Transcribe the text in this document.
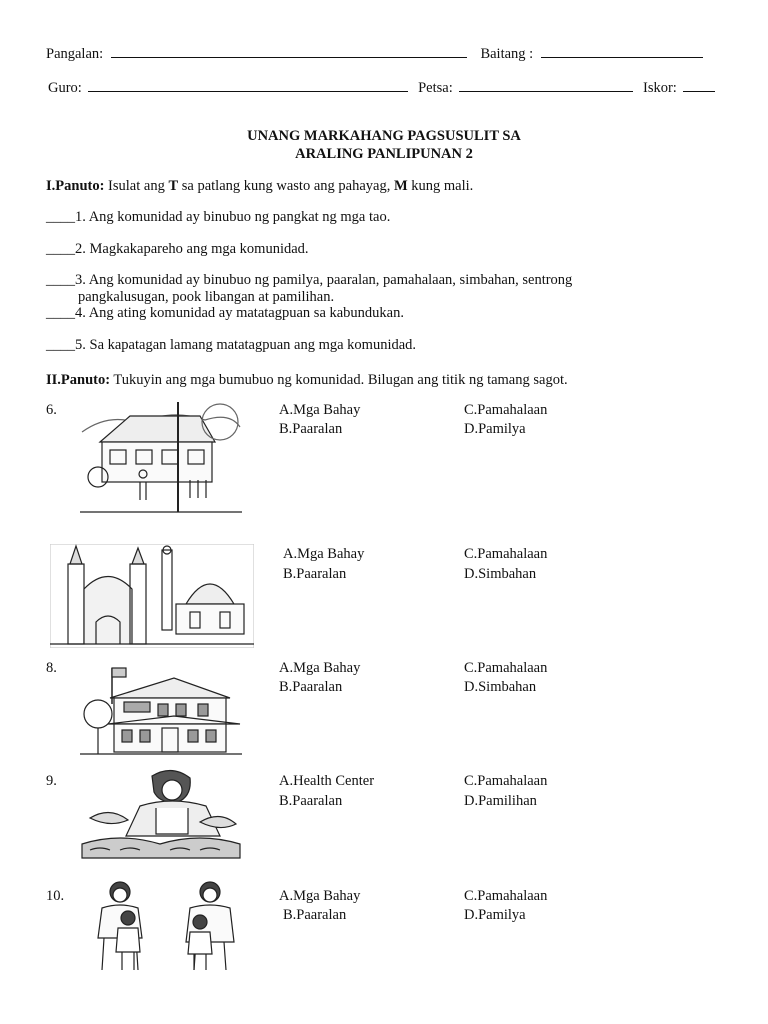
Pangalan:	Baitang :
Guro:	Petsa:	Iskor:
UNANG MARKAHANG PAGSUSULIT SA
ARALING PANLIPUNAN 2
I.Panuto: Isulat ang T sa patlang kung wasto ang pahayag, M kung mali.
____1. Ang komunidad ay binubuo ng pangkat ng mga tao.
____2. Magkakapareho ang mga komunidad.
____3. Ang komunidad ay binubuo ng pamilya, paaralan, pamahalaan, simbahan, sentrong
pangkalusugan, pook libangan at pamilihan.
____4. Ang ating komunidad ay matatagpuan sa kabundukan.
____5. Sa kapatagan lamang matatagpuan ang mga komunidad.
II.Panuto: Tukuyin ang mga bumubuo ng komunidad. Bilugan ang titik ng tamang sagot.
6.	A.Mga Bahay
B.Paaralan
C.Pamahalaan
D.Pamilya
A.Mga Bahay
B.Paaralan
C.Pamahalaan
D.Simbahan
8.	A.Mga Bahay
B.Paaralan
C.Pamahalaan
D.Simbahan
9.	A.Health Center
B.Paaralan
C.Pamahalaan
D.Pamilihan
10.	A.Mga Bahay
B.Paaralan
C.Pamahalaan
D.Pamilya
